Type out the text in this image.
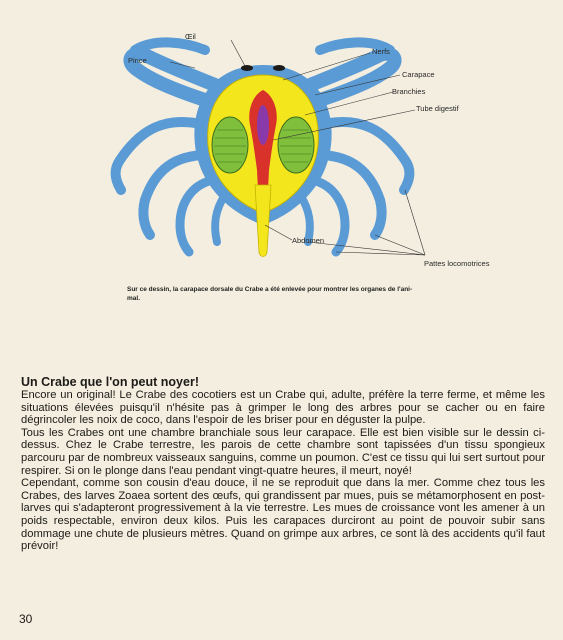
Œil
Pince
Nerfs
Carapace
Branchies
Tube digestif
Abdomen
Pattes locomotrices
Sur ce dessin, la carapace dorsale du Crabe a été enlevée pour montrer les organes de l'ani-
mal.
Un Crabe que l'on peut noyer!

Encore un original! Le Crabe des cocotiers est un Crabe qui, adulte, préfère la terre ferme, et même les situations élevées puisqu'il n'hésite pas à grimper le long des arbres pour se cacher ou en faire dégrincoler les noix de coco, dans l'espoir de les briser pour en déguster la pulpe.

Tous les Crabes ont une chambre branchiale sous leur carapace. Elle est bien visible sur le dessin ci-dessus. Chez le Crabe terrestre, les parois de cette chambre sont tapissées d'un tissu spongieux parcouru par de nombreux vaisseaux sanguins, comme un poumon. C'est ce tissu qui lui sert surtout pour respirer. Si on le plonge dans l'eau pendant vingt-quatre heures, il meurt, noyé!

Cependant, comme son cousin d'eau douce, il ne se reproduit que dans la mer. Comme chez tous les Crabes, des larves Zoaea sortent des œufs, qui grandissent par mues, puis se métamorphosent en post-larves qui s'adapteront progressivement à la vie terrestre. Les mues de croissance vont les amener à un poids respectable, environ deux kilos. Puis les carapaces durciront au point de pouvoir subir sans dommage une chute de plusieurs mètres. Quand on grimpe aux arbres, ce sont là des accidents qu'il faut prévoir!

30
